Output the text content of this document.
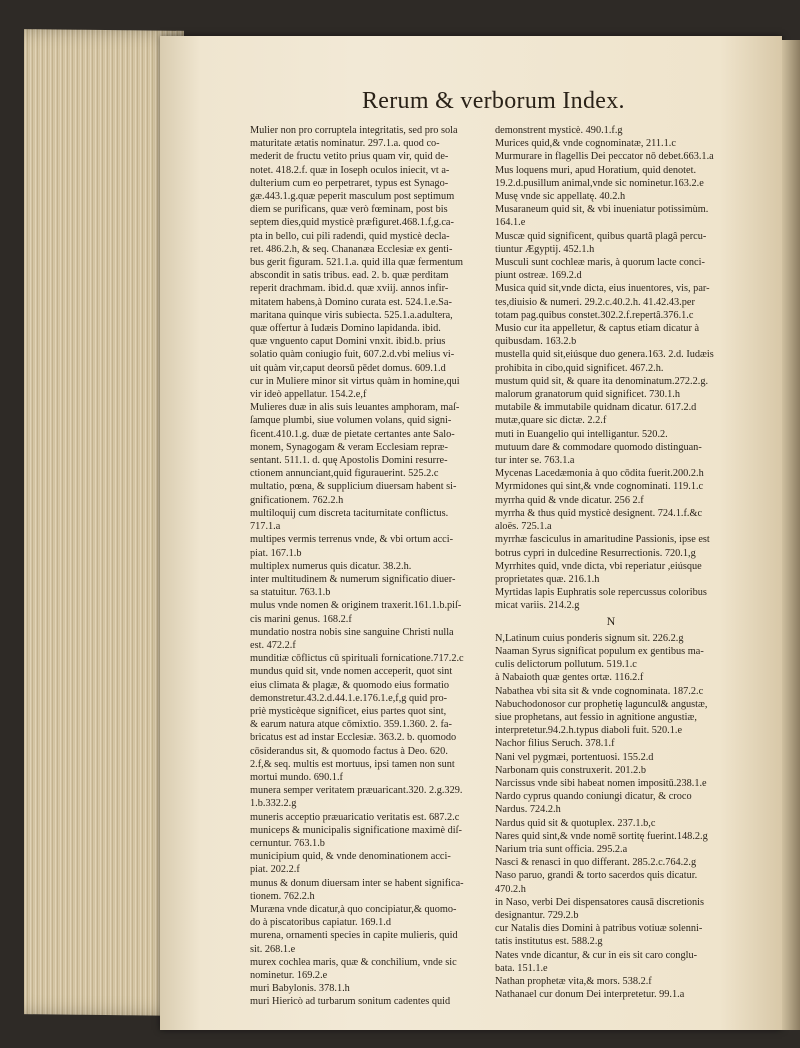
Rerum & verborum Index.
Mulier non pro corruptela integritatis, sed pro sola
maturitate ætatis nominatur. 297.1.a. quod co-
mederit de fructu vetito prius quam vir, quid de-
notet. 418.2.f. quæ in Ioseph oculos iniecit, vt a-
dulterium cum eo perpetraret, typus est Synago-
gæ.443.1.g.quæ peperit masculum post septimum
diem se purificans, quæ verò fœminam, post bis
septem dies,quid mysticè præfiguret.468.1.f,g.ca-
pta in bello, cui pili radendi, quid mysticè decla-
ret. 486.2.h, & seq. Chananæa Ecclesiæ ex genti-
bus gerit figuram. 521.1.a. quid illa quæ fermentum
abscondit in satis tribus. ead. 2. b. quæ perditam
reperit drachmam. ibid.d. quæ xviij. annos infir-
mitatem habens,à Domino curata est. 524.1.e.Sa-
maritana quinque viris subiecta. 525.1.a.adultera,
quæ offertur à Iudæis Domino lapidanda. ibid.
quæ vnguento caput Domini vnxit. ibid.b. prius
solatio quàm coniugio fuit, 607.2.d.vbi melius vi-
uit quàm vir,caput deorsū pēdet domus. 609.1.d
cur in Muliere minor sit virtus quàm in homine,qui
vir ideò appellatur. 154.2.e,f
Mulieres duæ in alis suis leuantes amphoram, maſ-
ſamque plumbi, siue volumen volans, quid signi-
ficent.410.1.g. duæ de pietate certantes ante Salo-
monem, Synagogam & veram Ecclesiam repræ-
sentant. 511.1. d. quę Apostolis Domini resurre-
ctionem annunciant,quid figurauerint. 525.2.c
multatio, pœna, & supplicium diuersam habent si-
gnificationem. 762.2.h
multiloquij cum discreta taciturnitate conflictus.
717.1.a
multipes vermis terrenus vnde, & vbi ortum acci-
piat. 167.1.b
multiplex numerus quis dicatur. 38.2.h.
inter multitudinem & numerum significatio diuer-
sa statuitur. 763.1.b
mulus vnde nomen & originem traxerit.161.1.b.piſ-
cis marini genus. 168.2.f
mundatio nostra nobis sine sanguine Christi nulla
est. 472.2.f
munditiæ cōflictus cū spirituali fornicatione.717.2.c
mundus quid sit, vnde nomen acceperit, quot sint
eius climata & plagæ, & quomodo eius formatio
demonstretur.43.2.d.44.1.e.176.1.e,f,g quid pro-
priè mysticèque significet, eius partes quot sint,
& earum natura atque cōmixtio. 359.1.360. 2. fa-
bricatus est ad instar Ecclesiæ. 363.2. b. quomodo
cōsiderandus sit, & quomodo factus à Deo. 620.
2.f,& seq. multis est mortuus, ipsi tamen non sunt
mortui mundo. 690.1.f
munera semper veritatem præuaricant.320. 2.g.329.
1.b.332.2.g
muneris acceptio præuaricatio veritatis est. 687.2.c
municeps & municipalis significatione maximè diſ-
cernuntur. 763.1.b
municipium quid, & vnde denominationem acci-
piat. 202.2.f
munus & donum diuersam inter se habent significa-
tionem. 762.2.h
Muræna vnde dicatur,à quo concipiatur,& quomo-
do à piscatoribus capiatur. 169.1.d
murena, ornamenti species in capite mulieris, quid
sit. 268.1.e
murex cochlea maris, quæ & conchilium, vnde sic
nominetur. 169.2.e
muri Babylonis. 378.1.h
muri Hiericò ad turbarum sonitum cadentes quid
demonstrent mysticè. 490.1.f.g
Murices quid,& vnde cognominatæ, 211.1.c
Murmurare in flagellis Dei peccator nō debet.663.1.a
Mus loquens muri, apud Horatium, quid denotet.
19.2.d.pusillum animal,vnde sic nominetur.163.2.e
Musę vnde sic appellatę. 40.2.h
Musaraneum quid sit, & vbi inueniatur potissimùm.
164.1.e
Muscæ quid significent, quibus quartâ plagâ percu-
tiuntur Ægyptij. 452.1.h
Musculi sunt cochleæ maris, à quorum lacte conci-
piunt ostreæ. 169.2.d
Musica quid sit,vnde dicta, eius inuentores, vis, par-
tes,diuisio & numeri. 29.2.c.40.2.h. 41.42.43.per
totam pag.quibus constet.302.2.f.repertâ.376.1.c
Musio cur ita appelletur, & captus etiam dicatur à
quibusdam. 163.2.b
mustella quid sit,eiúsque duo genera.163. 2.d. Iudæis
prohibita in cibo,quid significet. 467.2.h.
mustum quid sit, & quare ita denominatum.272.2.g.
malorum granatorum quid significet. 730.1.h
mutabile & immutabile quidnam dicatur. 617.2.d
mutæ,quare sic dictæ. 2.2.f
muti in Euangelio qui intelligantur. 520.2.
mutuum dare & commodare quomodo distinguan-
tur inter se. 763.1.a
Mycenas Lacedæmonia à quo cōdita fuerit.200.2.h
Myrmidones qui sint,& vnde cognominati. 119.1.c
myrrha quid & vnde dicatur. 256 2.f
myrrha & thus quid mysticè designent. 724.1.f.&c
aloës. 725.1.a
myrrhæ fasciculus in amaritudine Passionis, ipse est
botrus cypri in dulcedine Resurrectionis. 720.1,g
Myrrhites quid, vnde dicta, vbi reperiatur ,eiúsque
proprietates quæ. 216.1.h
Myrtidas lapis Euphratis sole repercussus coloribus
micat variis. 214.2.g
N
N,Latinum cuius ponderis signum sit. 226.2.g
Naaman Syrus significat populum ex gentibus ma-
culis delictorum pollutum. 519.1.c
à Nabaioth quæ gentes ortæ. 116.2.f
Nabathea vbi sita sit & vnde cognominata. 187.2.c
Nabuchodonosor cur prophetię laguncul& angustæ,
siue prophetans, aut fessio in agnitione angustiæ,
interpretetur.94.2.h.typus diaboli fuit. 520.1.e
Nachor filius Seruch. 378.1.f
Nani vel pygmæi, portentuosi. 155.2.d
Narbonam quis construxerit. 201.2.b
Narcissus vnde sibi habeat nomen impositū.238.1.e
Nardo cyprus quando coniungi dicatur, & croco
Nardus. 724.2.h
Nardus quid sit & quotuplex. 237.1.b,c
Nares quid sint,& vnde nomē sortitę fuerint.148.2.g
Narium tria sunt officia. 295.2.a
Nasci & renasci in quo differant. 285.2.c.764.2.g
Naso paruo, grandi & torto sacerdos quis dicatur.
470.2.h
in Naso, verbi Dei dispensatores causā discretionis
designantur. 729.2.b
cur Natalis dies Domini à patribus votiuæ solenni-
tatis institutus est. 588.2.g
Nates vnde dicantur, & cur in eis sit caro conglu-
bata. 151.1.e
Nathan prophetæ vita,& mors. 538.2.f
Nathanael cur donum Dei interpretetur. 99.1.a
